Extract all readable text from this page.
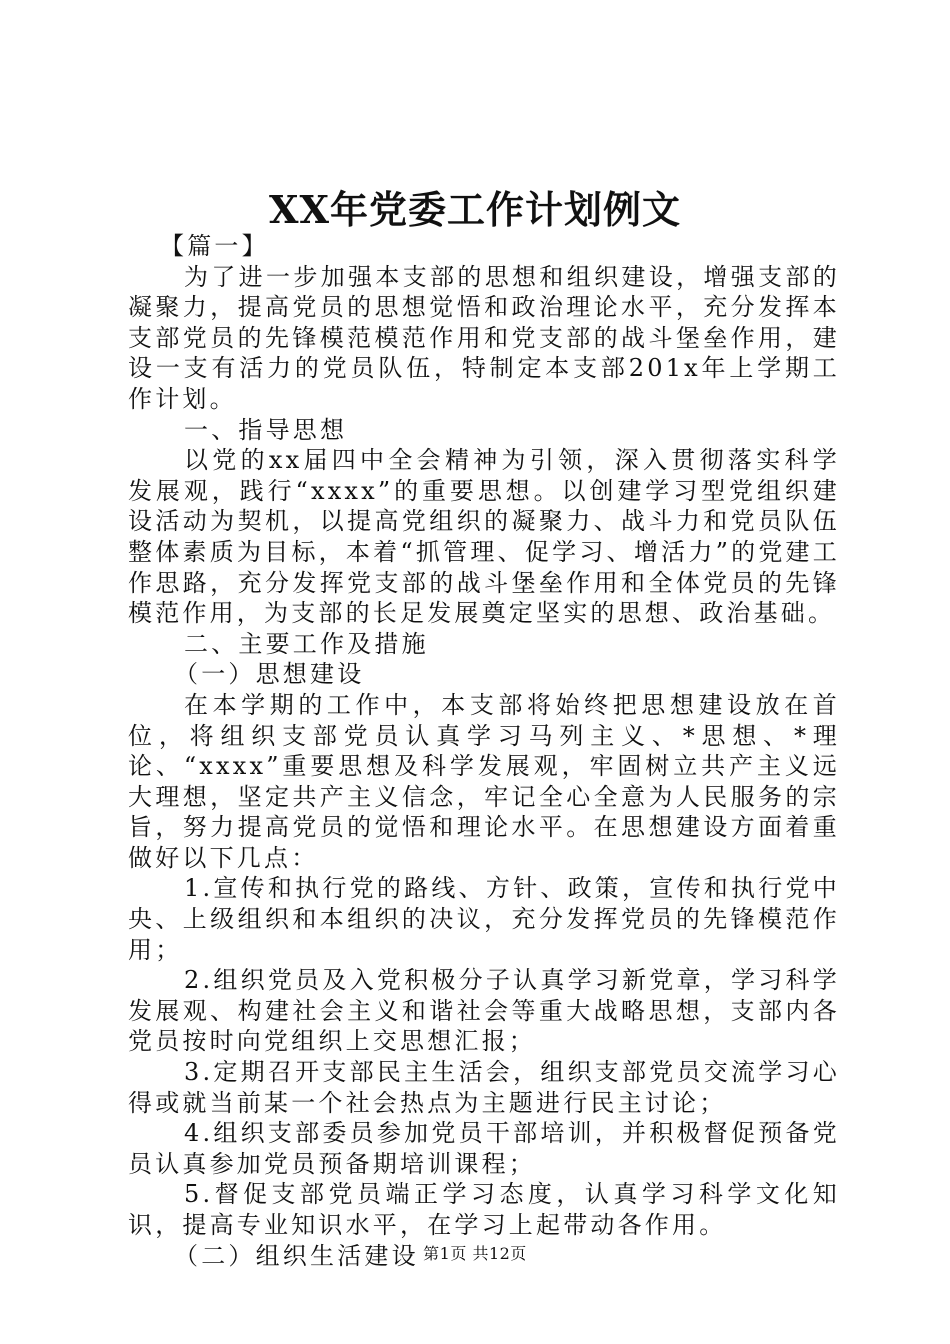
XX年党委工作计划例文

【篇一】

为了进一步加强本支部的思想和组织建设，增强支部的凝聚力，提高党员的思想觉悟和政治理论水平，充分发挥本支部党员的先锋模范模范作用和党支部的战斗堡垒作用，建设一支有活力的党员队伍，特制定本支部201x年上学期工作计划。

一、指导思想

以党的xx届四中全会精神为引领，深入贯彻落实科学发展观，践行“xxxx”的重要思想。以创建学习型党组织建设活动为契机，以提高党组织的凝聚力、战斗力和党员队伍整体素质为目标，本着“抓管理、促学习、增活力”的党建工作思路，充分发挥党支部的战斗堡垒作用和全体党员的先锋模范作用，为支部的长足发展奠定坚实的思想、政治基础。

二、主要工作及措施

（一）思想建设

在本学期的工作中，本支部将始终把思想建设放在首位，将组织支部党员认真学习马列主义、*思想、*理论、“xxxx”重要思想及科学发展观，牢固树立共产主义远大理想，坚定共产主义信念，牢记全心全意为人民服务的宗旨，努力提高党员的觉悟和理论水平。在思想建设方面着重做好以下几点：

1.宣传和执行党的路线、方针、政策，宣传和执行党中央、上级组织和本组织的决议，充分发挥党员的先锋模范作用；

2.组织党员及入党积极分子认真学习新党章，学习科学发展观、构建社会主义和谐社会等重大战略思想，支部内各党员按时向党组织上交思想汇报；

3.定期召开支部民主生活会，组织支部党员交流学习心得或就当前某一个社会热点为主题进行民主讨论；

4.组织支部委员参加党员干部培训，并积极督促预备党员认真参加党员预备期培训课程；

5.督促支部党员端正学习态度，认真学习科学文化知识，提高专业知识水平，在学习上起带动各作用。

（二）组织生活建设 第1页 共12页
